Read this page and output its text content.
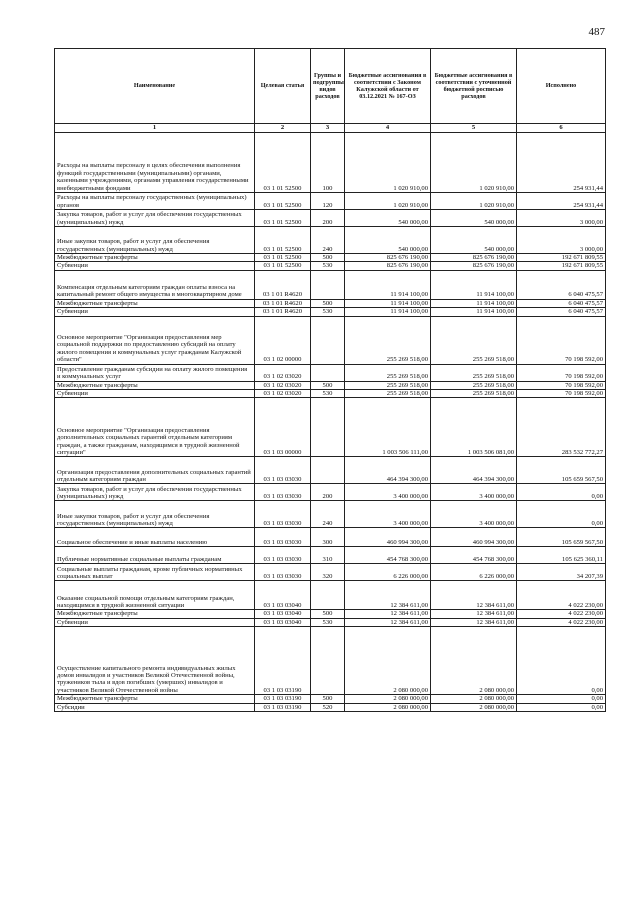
487
Наименование	Целевая статья	Группы и подгруппы видов расходов	Бюджетные ассигнования в соответствии с Законом Калужской области от 03.12.2021 № 167-ОЗ	Бюджетные ассигнования в соответствии с уточненной бюджетной росписью расходов	Исполнено
1	2	3	4	5	6
Расходы на выплаты персоналу в целях обеспечения выполнения функций государственными (муниципальными) органами, казенными учреждениями, органами управления государственными внебюджетными фондами	03 1 01 52500	100	1 020 910,00	1 020 910,00	254 931,44
Расходы на выплаты персоналу государственных (муниципальных) органов	03 1 01 52500	120	1 020 910,00	1 020 910,00	254 931,44
Закупка товаров, работ и услуг для обеспечения государственных (муниципальных) нужд	03 1 01 52500	200	540 000,00	540 000,00	3 000,00
Иные закупки товаров, работ и услуг для обеспечения государственных (муниципальных) нужд	03 1 01 52500	240	540 000,00	540 000,00	3 000,00
Межбюджетные трансферты	03 1 01 52500	500	825 676 190,00	825 676 190,00	192 671 809,55
Субвенции	03 1 01 52500	530	825 676 190,00	825 676 190,00	192 671 809,55
Компенсация отдельным категориям граждан оплаты взноса на капитальный ремонт общего имущества в многоквартирном доме	03 1 01 R4620		11 914 100,00	11 914 100,00	6 040 475,57
Межбюджетные трансферты	03 1 01 R4620	500	11 914 100,00	11 914 100,00	6 040 475,57
Субвенции	03 1 01 R4620	530	11 914 100,00	11 914 100,00	6 040 475,57
Основное мероприятие "Организация предоставления мер социальной поддержки по предоставлению субсидий на оплату жилого помещения и коммунальных услуг гражданам Калужской области"	03 1 02 00000		255 269 518,00	255 269 518,00	70 198 592,00
Предоставление гражданам субсидии на оплату жилого помещения и коммунальных услуг	03 1 02 03020		255 269 518,00	255 269 518,00	70 198 592,00
Межбюджетные трансферты	03 1 02 03020	500	255 269 518,00	255 269 518,00	70 198 592,00
Субвенции	03 1 02 03020	530	255 269 518,00	255 269 518,00	70 198 592,00
Основное мероприятие "Организация предоставления дополнительных социальных гарантий отдельным категориям граждан, а также гражданам, находящимся в трудной жизненной ситуации"	03 1 03 00000		1 003 506 111,00	1 003 506 081,00	283 532 772,27
Организация предоставления дополнительных социальных гарантий отдельным категориям граждан	03 1 03 03030		464 394 300,00	464 394 300,00	105 659 567,50
Закупка товаров, работ и услуг для обеспечения государственных (муниципальных) нужд	03 1 03 03030	200	3 400 000,00	3 400 000,00	0,00
Иные закупки товаров, работ и услуг для обеспечения государственных (муниципальных) нужд	03 1 03 03030	240	3 400 000,00	3 400 000,00	0,00
Социальное обеспечение и иные выплаты населению	03 1 03 03030	300	460 994 300,00	460 994 300,00	105 659 567,50
Публичные нормативные социальные выплаты гражданам	03 1 03 03030	310	454 768 300,00	454 768 300,00	105 625 360,11
Социальные выплаты гражданам, кроме публичных нормативных социальных выплат	03 1 03 03030	320	6 226 000,00	6 226 000,00	34 207,39
Оказание социальной помощи отдельным категориям граждан, находящимся в трудной жизненной ситуации	03 1 03 03040		12 384 611,00	12 384 611,00	4 022 230,00
Межбюджетные трансферты	03 1 03 03040	500	12 384 611,00	12 384 611,00	4 022 230,00
Субвенции	03 1 03 03040	530	12 384 611,00	12 384 611,00	4 022 230,00
Осуществление капитального ремонта индивидуальных жилых домов инвалидов и участников Великой Отечественной войны, тружеников тыла и вдов погибших (умерших) инвалидов и участников Великой Отечественной войны	03 1 03 03190		2 080 000,00	2 080 000,00	0,00
Межбюджетные трансферты	03 1 03 03190	500	2 080 000,00	2 080 000,00	0,00
Субсидии	03 1 03 03190	520	2 080 000,00	2 080 000,00	0,00
